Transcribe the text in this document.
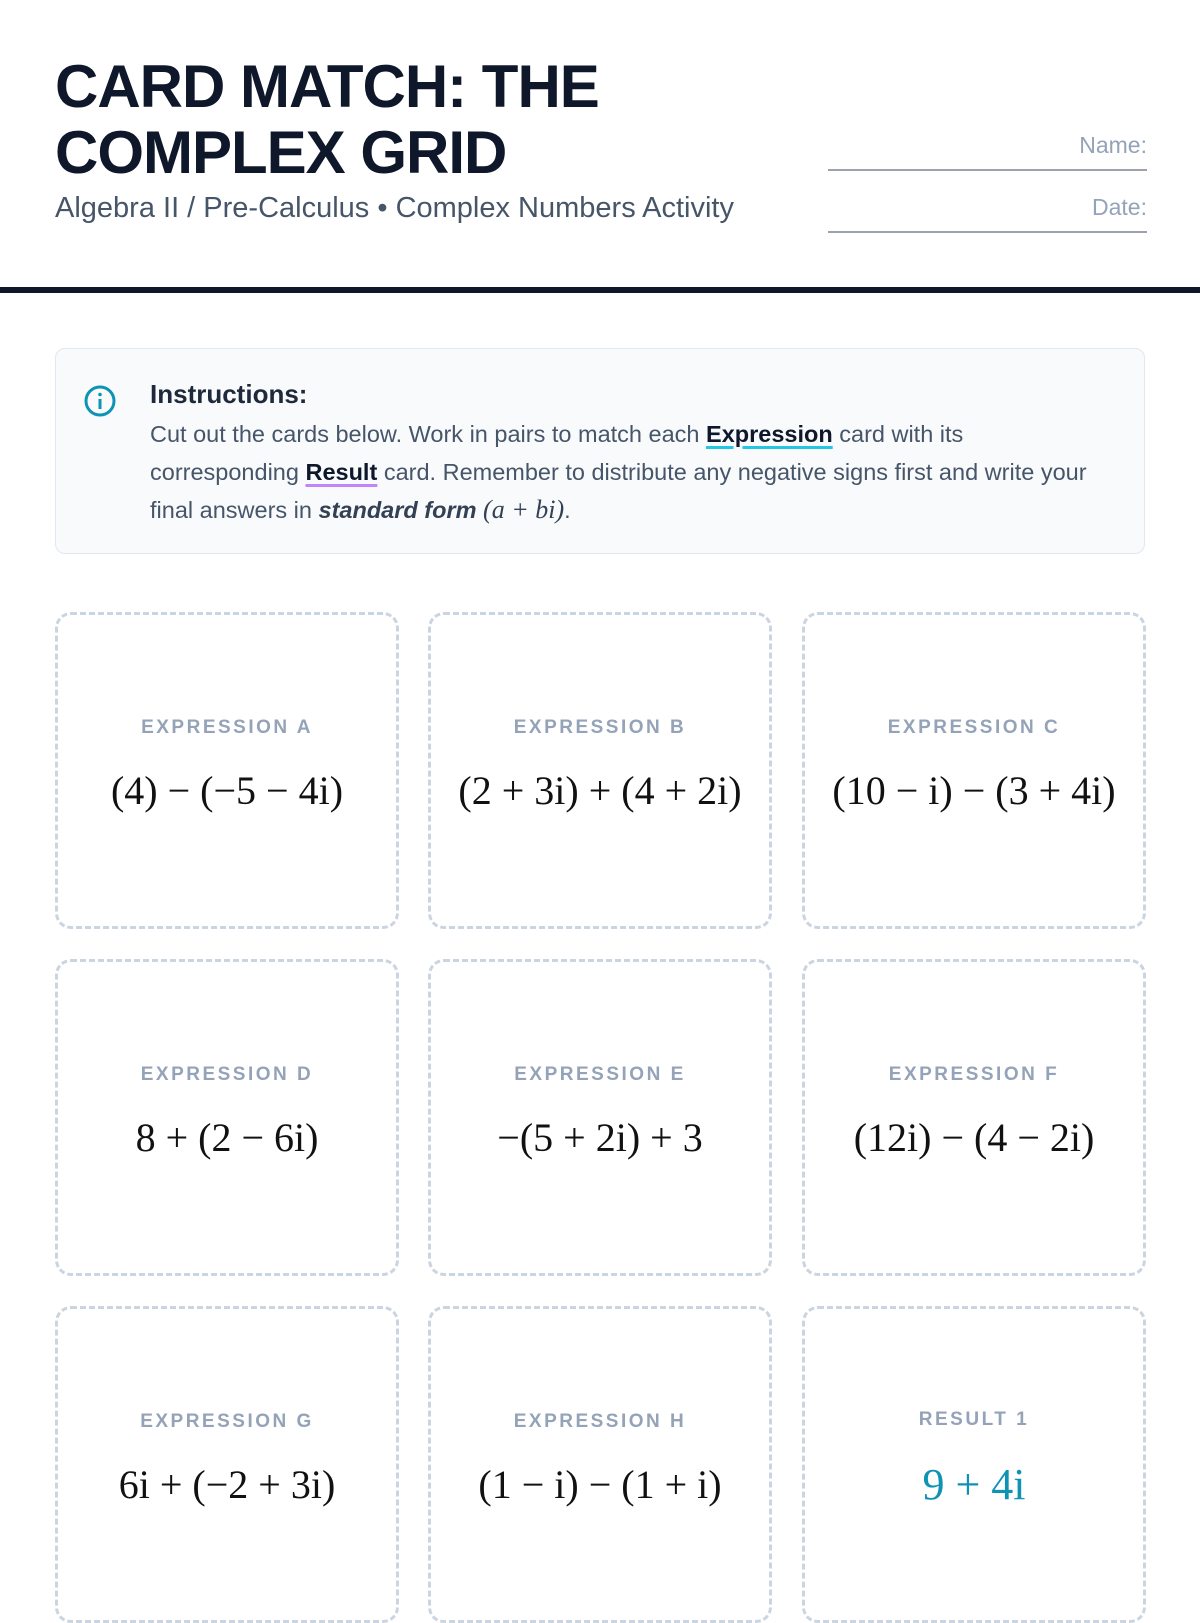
CARD MATCH: THE
COMPLEX GRID
Algebra II / Pre-Calculus • Complex Numbers Activity
Name:
Date:
Instructions:

Cut out the cards below. Work in pairs to match each Expression card with its corresponding Result card. Remember to distribute any negative signs first and write your final answers in standard form (a + bi).

EXPRESSION A
(4) − (−5 − 4i)
EXPRESSION B
(2 + 3i) + (4 + 2i)
EXPRESSION C
(10 − i) − (3 + 4i)
EXPRESSION D
8 + (2 − 6i)
EXPRESSION E
−(5 + 2i) + 3
EXPRESSION F
(12i) − (4 − 2i)
EXPRESSION G
6i + (−2 + 3i)
EXPRESSION H
(1 − i) − (1 + i)
RESULT 1
9 + 4i
